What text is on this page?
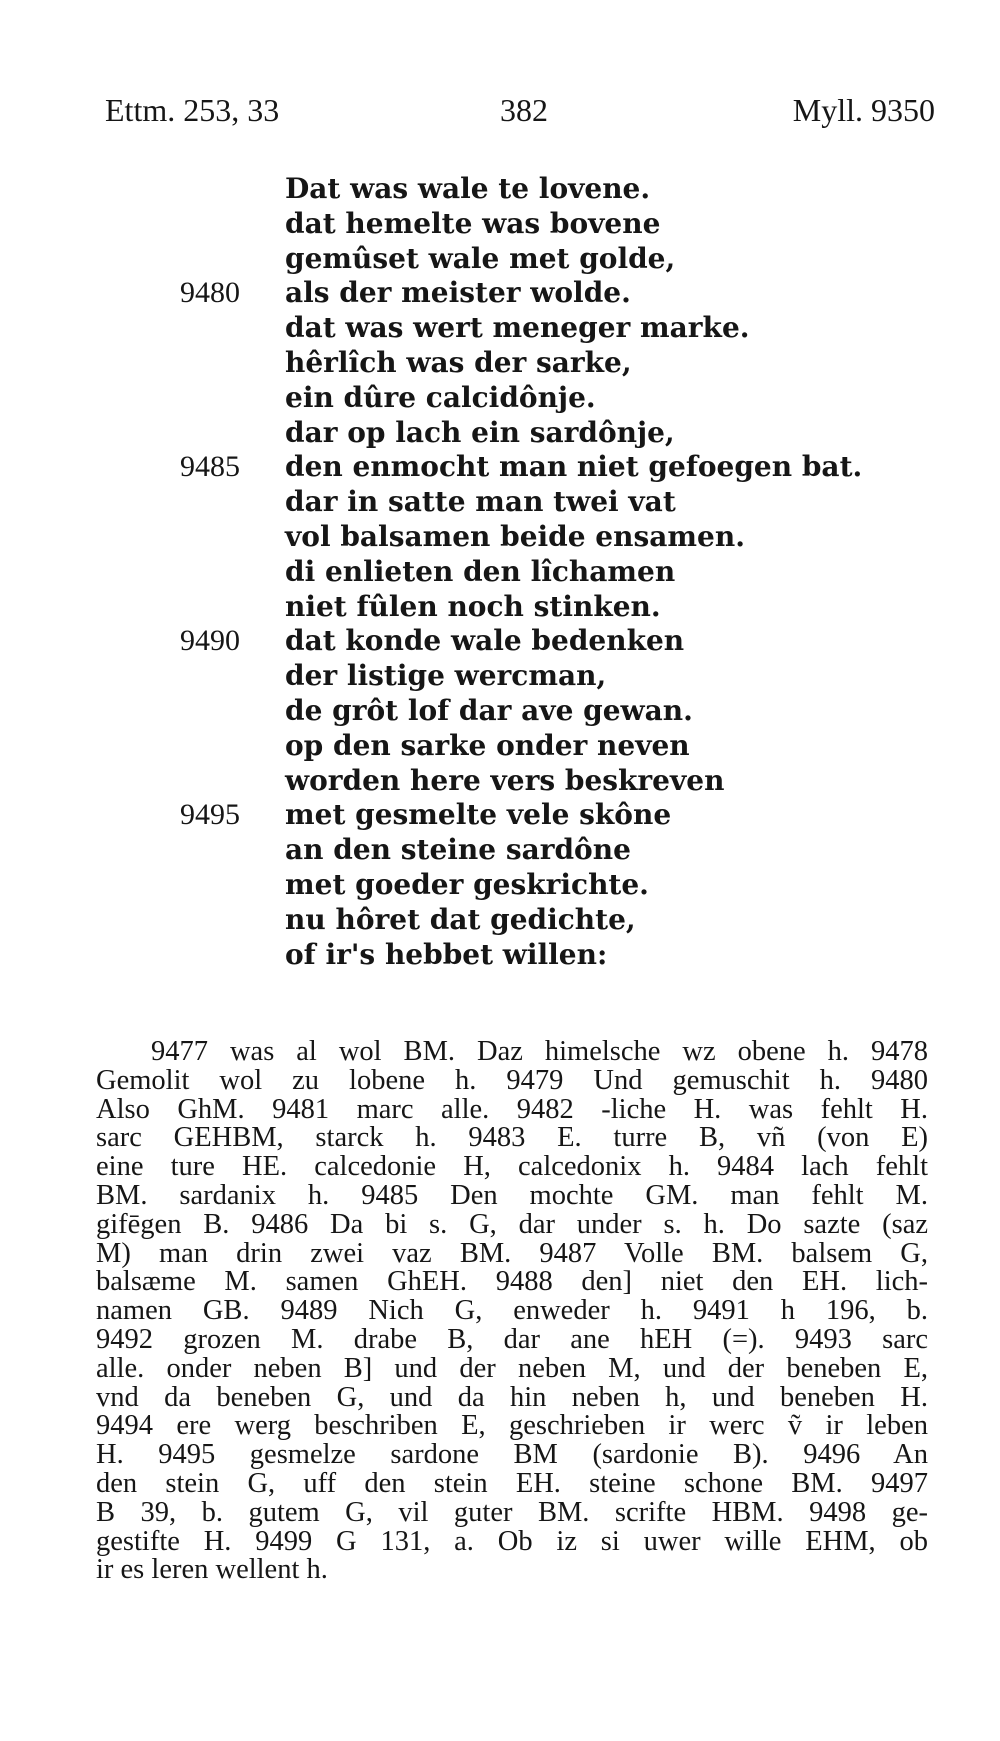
Ettm. 253, 33	382	Myll. 9350
Dat was wale te lovene.
dat hemelte was bovene
gemûset wale met golde,
9480	als der meister wolde.
dat was wert meneger marke.
hêrlîch was der sarke,
ein dûre calcidônje.
dar op lach ein sardônje,
9485	den enmocht man niet gefoegen bat.
dar in satte man twei vat
vol balsamen beide ensamen.
di enlieten den lîchamen
niet fûlen noch stinken.
9490	dat konde wale bedenken
der listige wercman,
de grôt lof dar ave gewan.
op den sarke onder neven
worden here vers beskreven
9495	met gesmelte vele skône
an den steine sardône
met goeder geskrichte.
nu hôret dat gedichte,
of ir's hebbet willen:
9477 was al wol BM. Daz himelsche wz obene h. 9478
Gemolit wol zu lobene h. 9479 Und gemuschit h. 9480
Also GhM. 9481 marc alle. 9482 -liche H. was fehlt H.
sarc GEHBM, starck h. 9483 E. turre B, vñ (von E)
eine ture HE. calcedonie H, calcedonix h. 9484 lach fehlt
BM. sardanix h. 9485 Den mochte GM. man fehlt M.
gifēgen B. 9486 Da bi s. G, dar under s. h. Do sazte (saz
M) man drin zwei vaz BM. 9487 Volle BM. balsem G,
balsæme M. samen GhEH. 9488 den] niet den EH. lich-
namen GB. 9489 Nich G, enweder h. 9491 h 196, b.
9492 grozen M. drabe B, dar ane hEH (=). 9493 sarc
alle. onder neben B] und der neben M, und der beneben E,
vnd da beneben G, und da hin neben h, und beneben H.
9494 ere werg beschriben E, geschrieben ir werc ṽ ir leben
H. 9495 gesmelze sardone BM (sardonie B). 9496 An
den stein G, uff den stein EH. steine schone BM. 9497
B 39, b. gutem G, vil guter BM. scrifte HBM. 9498 ge-
gestifte H. 9499 G 131, a. Ob iz si uwer wille EHM, ob
ir es leren wellent h.
